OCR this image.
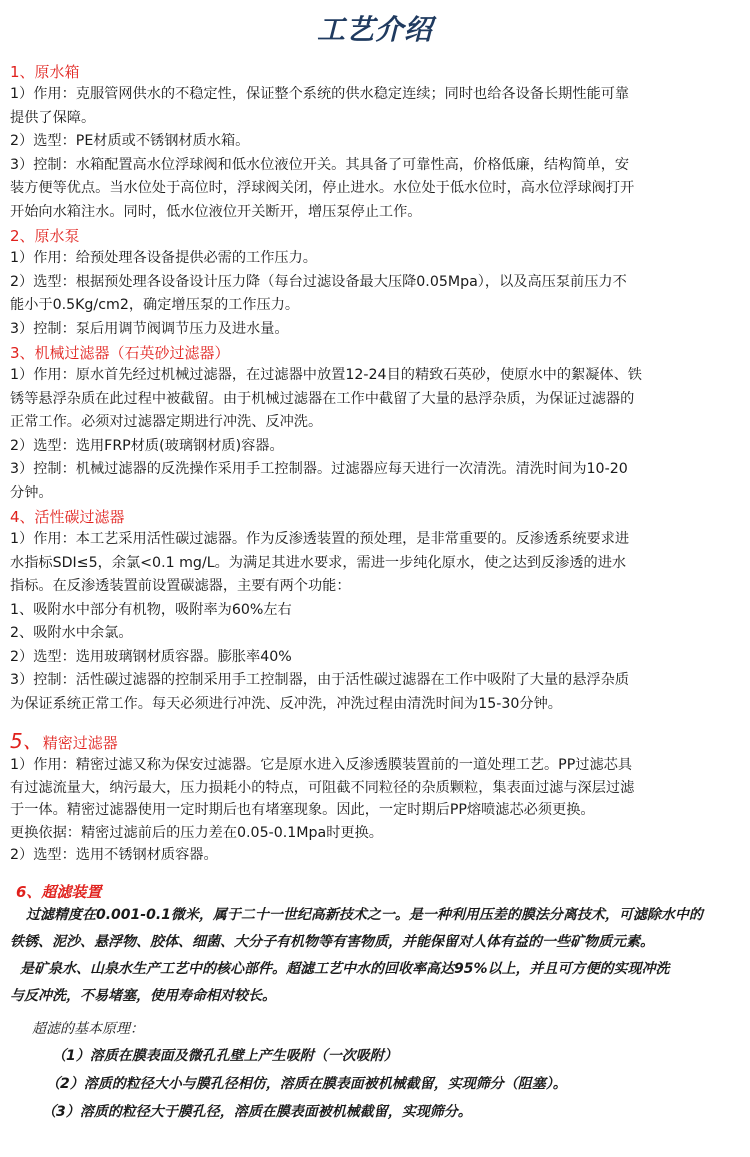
工艺介绍
1、原水箱
1）作用：克服管网供水的不稳定性，保证整个系统的供水稳定连续；同时也给各设备长期性能可靠
提供了保障。
2）选型：PE材质或不锈钢材质水箱。
3）控制：水箱配置高水位浮球阀和低水位液位开关。其具备了可靠性高，价格低廉，结构简单，安
装方便等优点。当水位处于高位时，浮球阀关闭，停止进水。水位处于低水位时，高水位浮球阀打开
开始向水箱注水。同时，低水位液位开关断开，增压泵停止工作。
2、原水泵
1）作用：给预处理各设备提供必需的工作压力。
2）选型：根据预处理各设备设计压力降（每台过滤设备最大压降0.05Mpa），以及高压泵前压力不
能小于0.5Kg/cm2，确定增压泵的工作压力。
3）控制：泵后用调节阀调节压力及进水量。
3、机械过滤器（石英砂过滤器）
1）作用：原水首先经过机械过滤器，在过滤器中放置12-24目的精致石英砂，使原水中的絮凝体、铁
锈等悬浮杂质在此过程中被截留。由于机械过滤器在工作中截留了大量的悬浮杂质，为保证过滤器的
正常工作。必须对过滤器定期进行冲洗、反冲洗。
2）选型：选用FRP材质(玻璃钢材质)容器。
3）控制：机械过滤器的反洗操作采用手工控制器。过滤器应每天进行一次清洗。清洗时间为10-20
分钟。
4、活性碳过滤器
1）作用：本工艺采用活性碳过滤器。作为反渗透装置的预处理，是非常重要的。反渗透系统要求进
水指标SDI≤5，余氯<0.1 mg/L。为满足其进水要求，需进一步纯化原水，使之达到反渗透的进水
指标。在反渗透装置前设置碳滤器，主要有两个功能：
1、吸附水中部分有机物，吸附率为60%左右
2、吸附水中余氯。
2）选型：选用玻璃钢材质容器。膨胀率40%
3）控制：活性碳过滤器的控制采用手工控制器，由于活性碳过滤器在工作中吸附了大量的悬浮杂质
为保证系统正常工作。每天必须进行冲洗、反冲洗，冲洗过程由清洗时间为15-30分钟。
5、精密过滤器
1）作用：精密过滤又称为保安过滤器。它是原水进入反渗透膜装置前的一道处理工艺。PP过滤芯具
有过滤流量大，纳污最大，压力损耗小的特点，可阻截不同粒径的杂质颗粒，集表面过滤与深层过滤
于一体。精密过滤器使用一定时期后也有堵塞现象。因此，一定时期后PP熔喷滤芯必须更换。
更换依据：精密过滤前后的压力差在0.05-0.1Mpa时更换。
2）选型：选用不锈钢材质容器。
6、超滤装置
过滤精度在0.001-0.1微米，属于二十一世纪高新技术之一。是一种利用压差的膜法分离技术，可滤除水中的
铁锈、泥沙、悬浮物、胶体、细菌、大分子有机物等有害物质，并能保留对人体有益的一些矿物质元素。
是矿泉水、山泉水生产工艺中的核心部件。超滤工艺中水的回收率高达95%以上，并且可方便的实现冲洗
与反冲洗，不易堵塞，使用寿命相对较长。
超滤的基本原理：
（1）溶质在膜表面及微孔孔壁上产生吸附（一次吸附）
（2）溶质的粒径大小与膜孔径相仿，溶质在膜表面被机械截留，实现筛分（阻塞）。
（3）溶质的粒径大于膜孔径，溶质在膜表面被机械截留，实现筛分。
